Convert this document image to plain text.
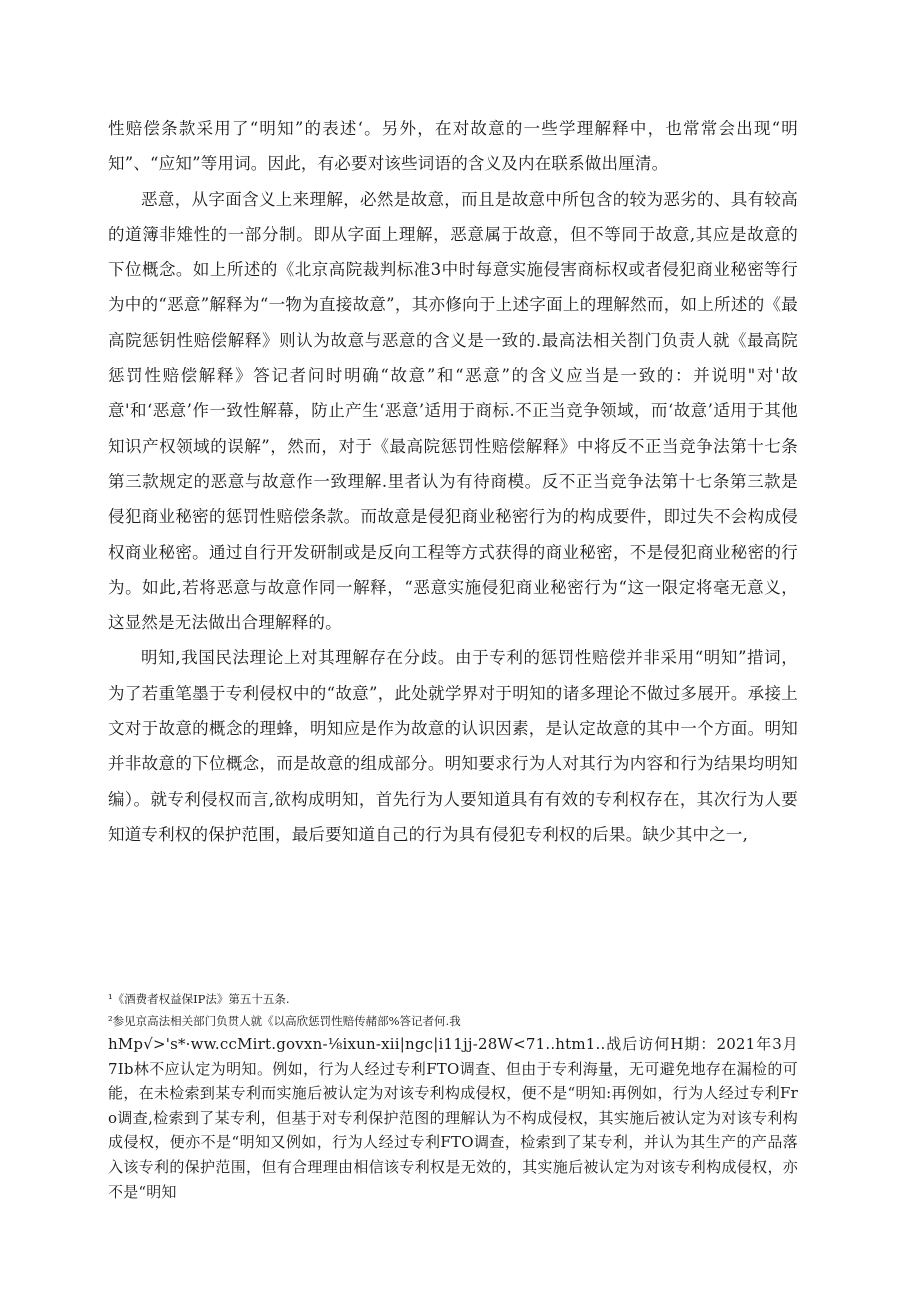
性赔偿条款采用了“明知”的表述‘。另外，在对故意的一些学理解释中，也常常会出现“明知”、“应知”等用词。因此，有必要对该些词语的含义及内在联系做出厘清。

恶意，从字面含义上来理解，必然是故意，而且是故意中所包含的较为恶劣的、具有较高的道簿非雉性的一部分制。即从字面上理解，恶意属于故意，但不等同于故意,其应是故意的下位概念。如上所述的《北京高院裁判标准3中时每意实施侵害商标权或者侵犯商业秘密等行为中的“恶意”解释为“一物为直接故意”，其亦修向于上述字面上的理解然而，如上所述的《最高院惩钥性赔偿解释》则认为故意与恶意的含义是一致的.最高法相关剳门负责人就《最高院惩罚性赔偿解释》答记者问时明确“故意”和“恶意”的含义应当是一致的：并说明"对'故意'和‘恶意’作一致性解幕，防止产生‘恶意’适用于商标.不正当竞争领域，而‘故意’适用于其他知识产权领域的误解”，然而，对于《最高院惩罚性赔偿解释》中将反不正当竞争法第十七条第三款规定的恶意与故意作一致理解.里者认为有待商模。反不正当竞争法第十七条第三款是侵犯商业秘密的惩罚性赔偿条款。而故意是侵犯商业秘密行为的构成要件，即过失不会构成侵权商业秘密。通过自行开发研制或是反向工程等方式获得的商业秘密，不是侵犯商业秘密的行为。如此,若将恶意与故意作同一解释，“恶意实施侵犯商业秘密行为“这一限定将毫无意义，这显然是无法做出合理解释的。

明知,我国民法理论上对其理解存在分歧。由于专利的惩罚性赔偿并非采用“明知”措词，为了若重笔墨于专利侵权中的“故意”，此处就学界对于明知的诸多理论不做过多展开。承接上文对于故意的概念的理蜂，明知应是作为故意的认识因素，是认定故意的其中一个方面。明知并非故意的下位概念，而是故意的组成部分。明知要求行为人对其行为内容和行为结果均明知编）。就专利侵权而言,欲构成明知，首先行为人要知道具有有效的专利权存在，其次行为人要知道专利权的保护范围，最后要知道自己的行为具有侵犯专利权的后果。缺少其中之一,

¹《酒费者权益保IP法》第五十五条.

²参见京高法相关部门负贯人就《以高欣惩罚性赔传赭部%答记者何.我

hMp√>'s*·ww.ccMirt.govxn-⅛ixun-xii|ngc|i11jj-28W<71..htm1..战后访何H期：2021年3月7Ib林不应认定为明知。例如，行为人经过专利FTO调查、但由于专利海量，无可避免地存在漏检的可能，在未检索到某专利而实施后被认定为对该专利构成侵权，便不是“明知:再例如，行为人经过专利Fro调查,检索到了某专利，但基于对专利保护范图的理解认为不构成侵权，其实施后被认定为对该专利构成侵权，便亦不是“明知又例如，行为人经过专利FTO调查，检索到了某专利，并认为其生产的产品落入该专利的保护范围，但有合理理由相信该专利权是无效的，其实施后被认定为对该专利构成侵权，亦不是“明知
